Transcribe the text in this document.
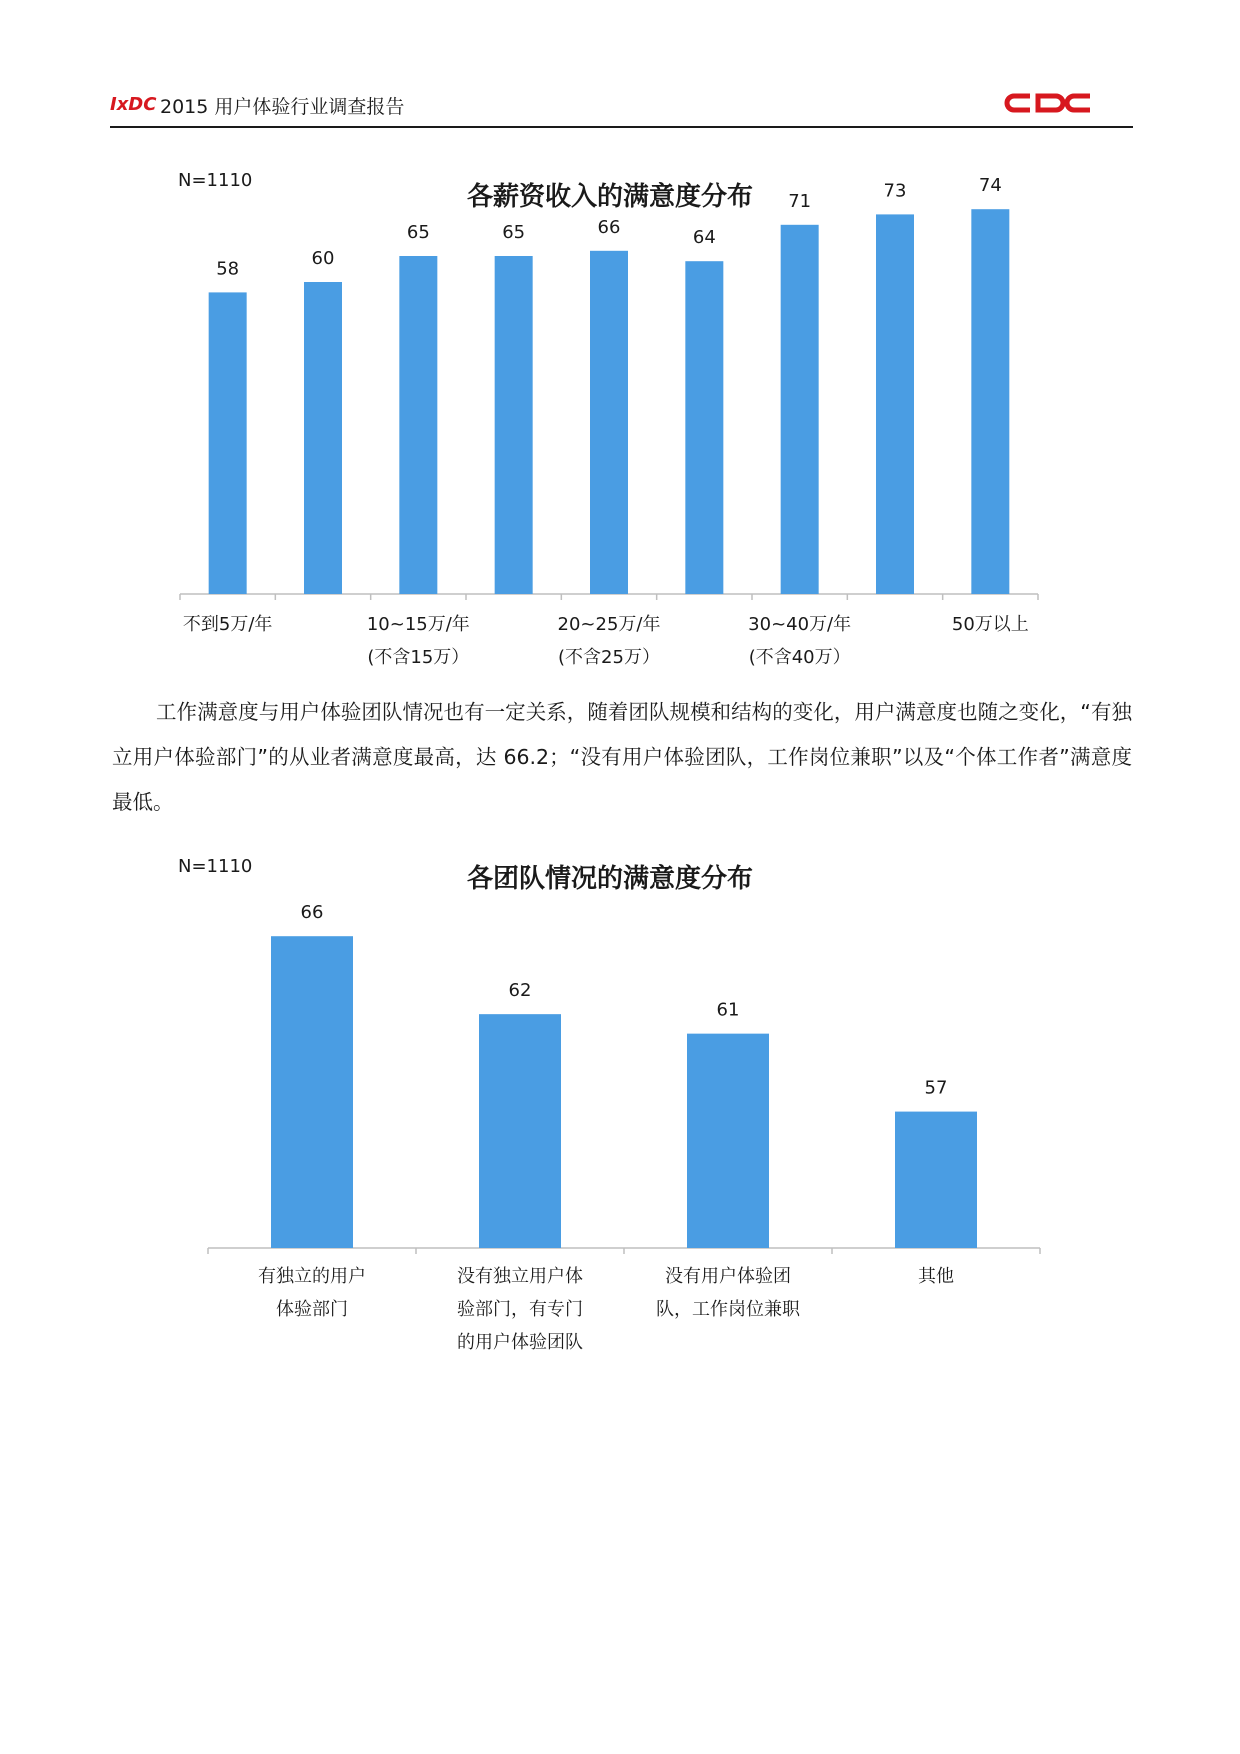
IxDC 2015 用户体验行业调查报告
N=1110
各薪资收入的满意度分布
58	60
65	65	66	64
71	73	74
不到5万/年	10~15万/年
(不含15万）
20~25万/年
(不含25万）
30~40万/年
(不含40万）
50万以上
工作满意度与用户体验团队情况也有一定关系，随着团队规模和结构的变化，用户满意度也随之变化，“有独立用户体验部门”的从业者满意度最高，达 66.2；“没有用户体验团队，工作岗位兼职”以及“个体工作者”满意度最低。
N=1110	各团队情况的满意度分布
66
62
61
57
有独立的用户
体验部门
没有独立用户体
验部门，有专门
的用户体验团队
没有用户体验团
队，工作岗位兼职
其他
